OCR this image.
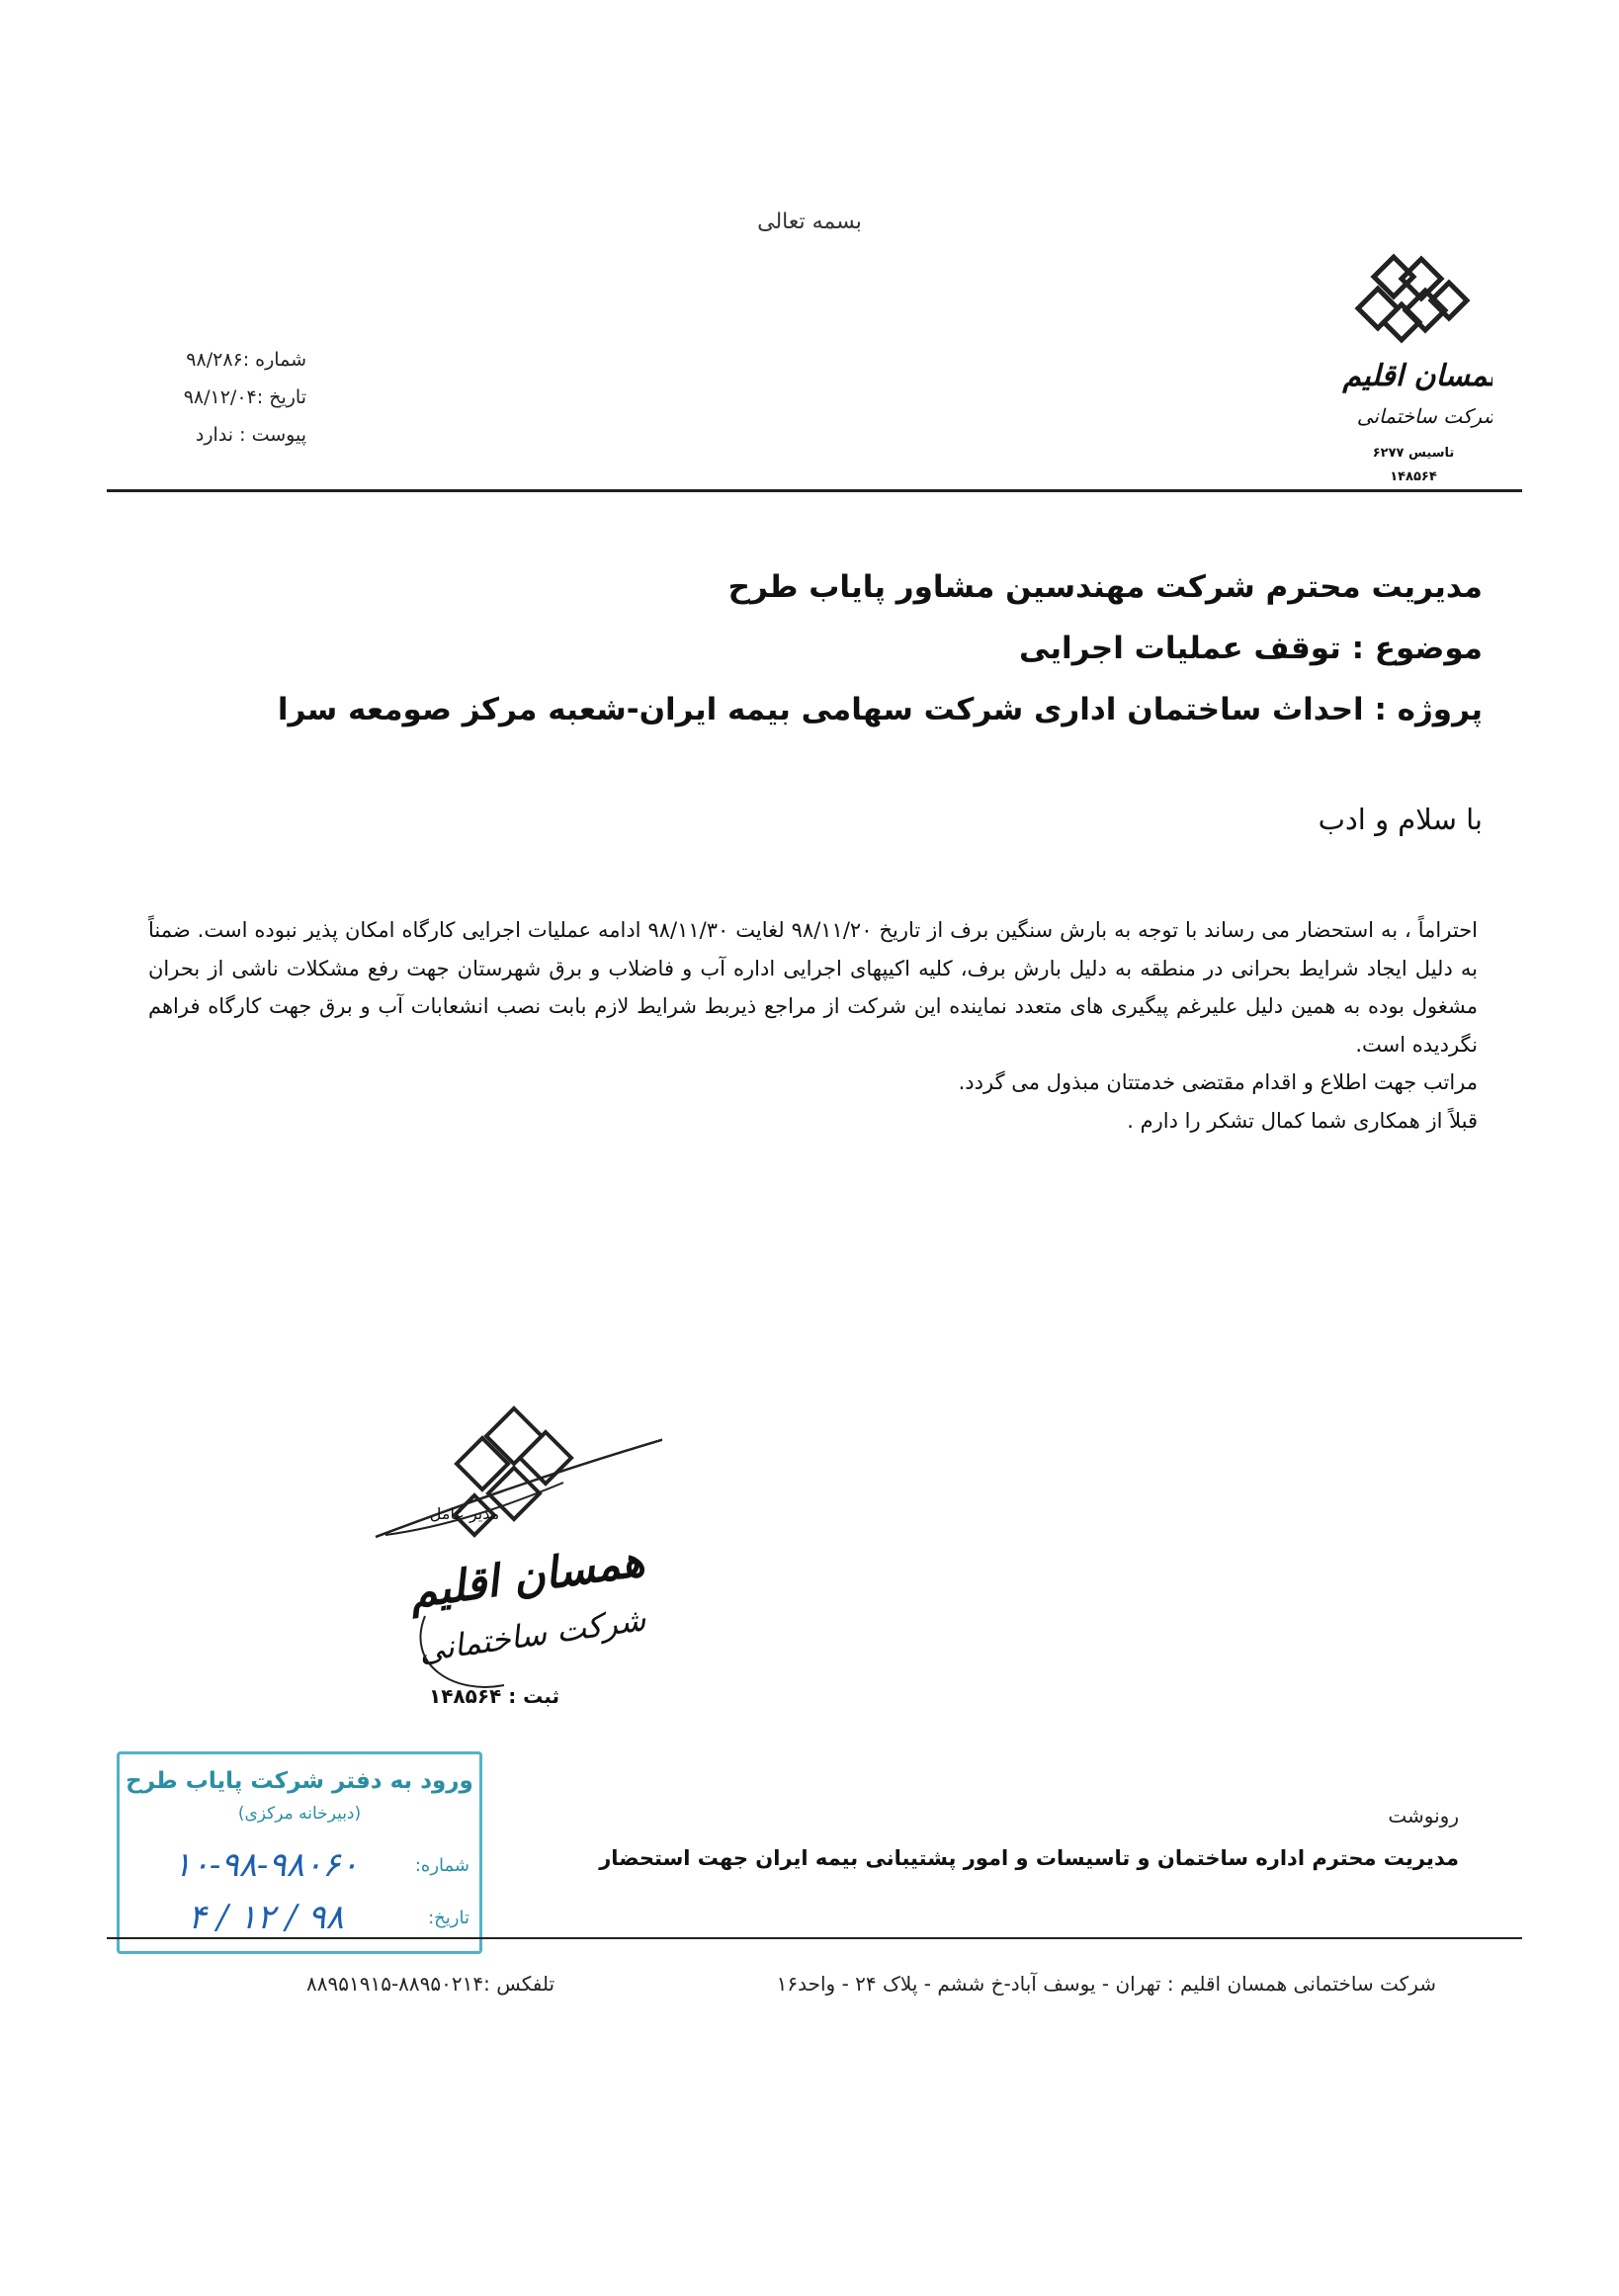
بسمه تعالی
شماره :۹۸/۲۸۶
تاریخ :۹۸/۱۲/۰۴
پیوست : ندارد
همسان اقلیم
شرکت ساختمانی
تاسیس ۶۲۷۷
۱۴۸۵۶۴
مدیریت محترم شرکت مهندسین مشاور پایاب طرح
موضوع : توقف عملیات اجرایی
پروژه : احداث ساختمان اداری شرکت سهامی بیمه ایران-شعبه مرکز صومعه سرا
با سلام و ادب

احتراماً ، به استحضار می رساند با توجه به بارش سنگین برف از تاریخ ۹۸/۱۱/۲۰ لغایت ۹۸/۱۱/۳۰ ادامه عملیات اجرایی کارگاه امکان پذیر نبوده است. ضمناً به دلیل ایجاد شرایط بحرانی در منطقه به دلیل بارش برف، کلیه اکیپهای اجرایی اداره آب و فاضلاب و برق شهرستان جهت رفع مشکلات ناشی از بحران مشغول بوده به همین دلیل علیرغم پیگیری های متعدد نماینده این شرکت از مراجع ذیربط شرایط لازم بابت نصب انشعابات آب و برق جهت کارگاه فراهم نگردیده است.

مراتب جهت اطلاع و اقدام مقتضی خدمتتان مبذول می گردد.

قبلاً از همکاری شما کمال تشکر را دارم .

مدیر عامل
همسان اقلیم
شرکت ساختمانی
ثبت : ۱۴۸۵۶۴
ورود به دفتر شرکت پایاب طرح
(دبیرخانه مرکزی)
شماره:
۱۰-۹۸-۹۸۰۶۰
تاریخ:
۹۸ / ۱۲ / ۴
رونوشت
مدیریت محترم اداره ساختمان و تاسیسات و امور پشتیبانی بیمه ایران جهت استحضار
شرکت ساختمانی همسان اقلیم : تهران - یوسف آباد-خ ششم - پلاک ۲۴ - واحد۱۶
تلفکس :۸۸۹۵۰۲۱۴-۸۸۹۵۱۹۱۵
